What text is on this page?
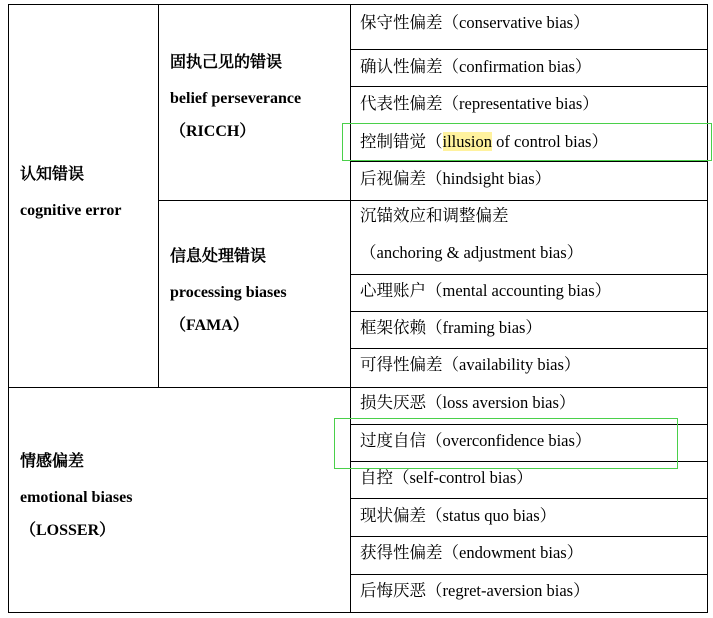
认知错误
cognitive error
固执己见的错误
belief perseverance
（RICCH）
保守性偏差（conservative bias）
确认性偏差（confirmation bias）
代表性偏差（representative bias）
控制错觉（illusion of control bias）
后视偏差（hindsight bias）
信息处理错误
processing biases
（FAMA）
沉锚效应和调整偏差
（anchoring & adjustment bias）
心理账户（mental accounting bias）
框架依赖（framing bias）
可得性偏差（availability bias）
情感偏差
emotional biases
（LOSSER）
损失厌恶（loss aversion bias）
过度自信（overconfidence bias）
自控（self-control bias）
现状偏差（status quo bias）
获得性偏差（endowment bias）
后悔厌恶（regret-aversion bias）
